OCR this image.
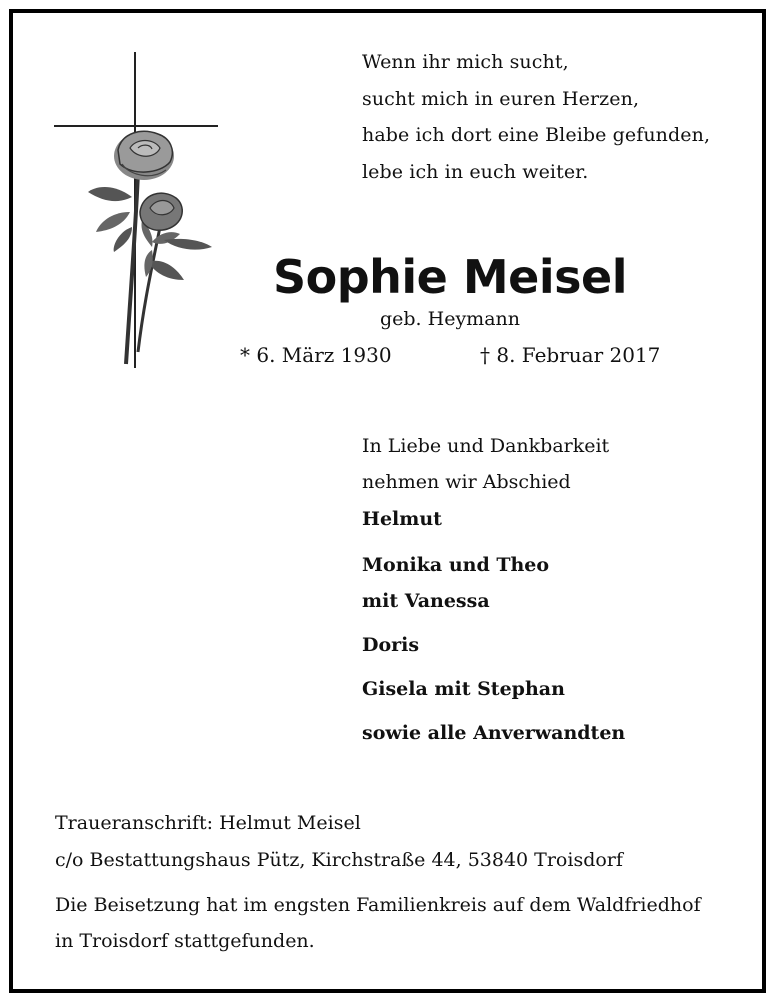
Wenn ihr mich sucht,
sucht mich in euren Herzen,
habe ich dort eine Bleibe gefunden,
lebe ich in euch weiter.
Sophie Meisel
geb. Heymann
* 6. März 1930	† 8. Februar 2017
In Liebe und Dankbarkeit
nehmen wir Abschied
Helmut
Monika und Theo
mit Vanessa
Doris
Gisela mit Stephan
sowie alle Anverwandten
Traueranschrift: Helmut Meisel
c/o Bestattungshaus Pütz, Kirchstraße 44, 53840 Troisdorf
Die Beisetzung hat im engsten Familienkreis auf dem Waldfriedhof
in Troisdorf stattgefunden.
